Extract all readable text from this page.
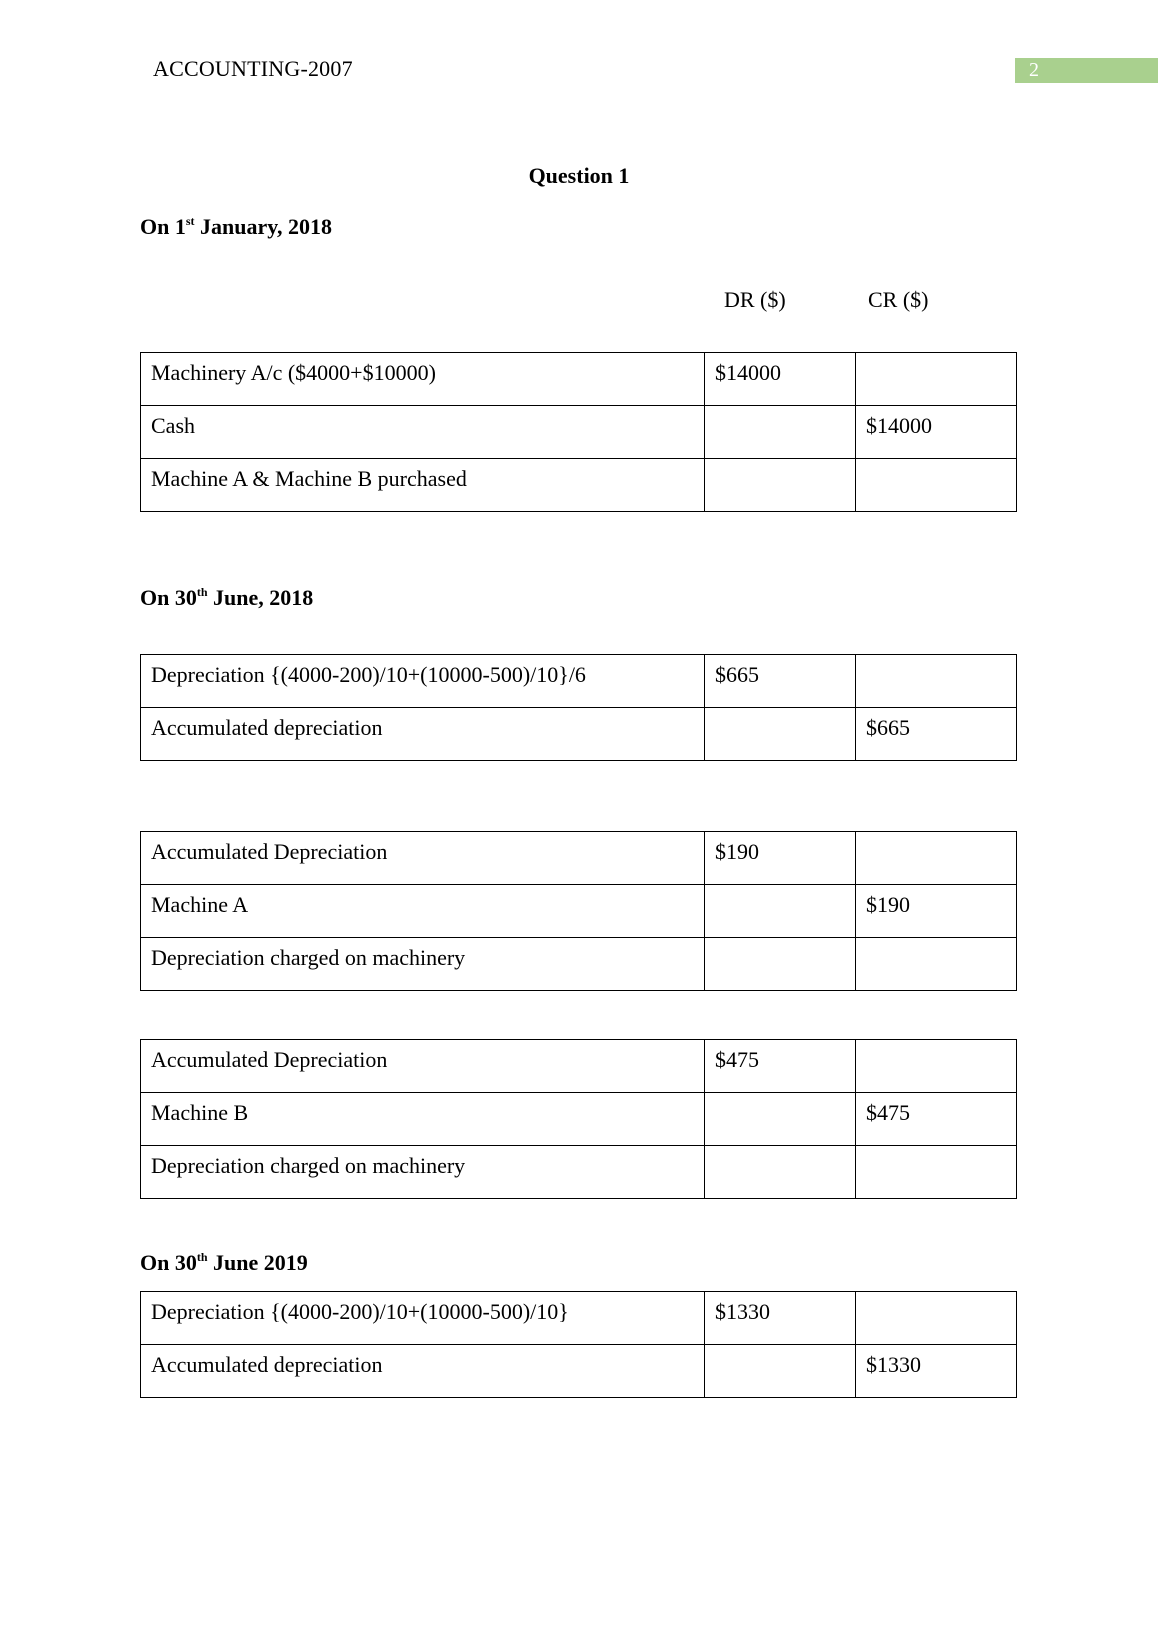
ACCOUNTING-2007	2
Question 1
On 1st January, 2018
DR ($)	CR ($)
Machinery A/c ($4000+$10000)	$14000	
Cash		$14000
Machine A & Machine B purchased		
On 30th June, 2018
Depreciation {(4000-200)/10+(10000-500)/10}/6	$665	
Accumulated depreciation		$665
Accumulated Depreciation	$190	
Machine A		$190
Depreciation charged on machinery		
Accumulated Depreciation	$475	
Machine B		$475
Depreciation charged on machinery		
On 30th June 2019
Depreciation {(4000-200)/10+(10000-500)/10}	$1330	
Accumulated depreciation		$1330
